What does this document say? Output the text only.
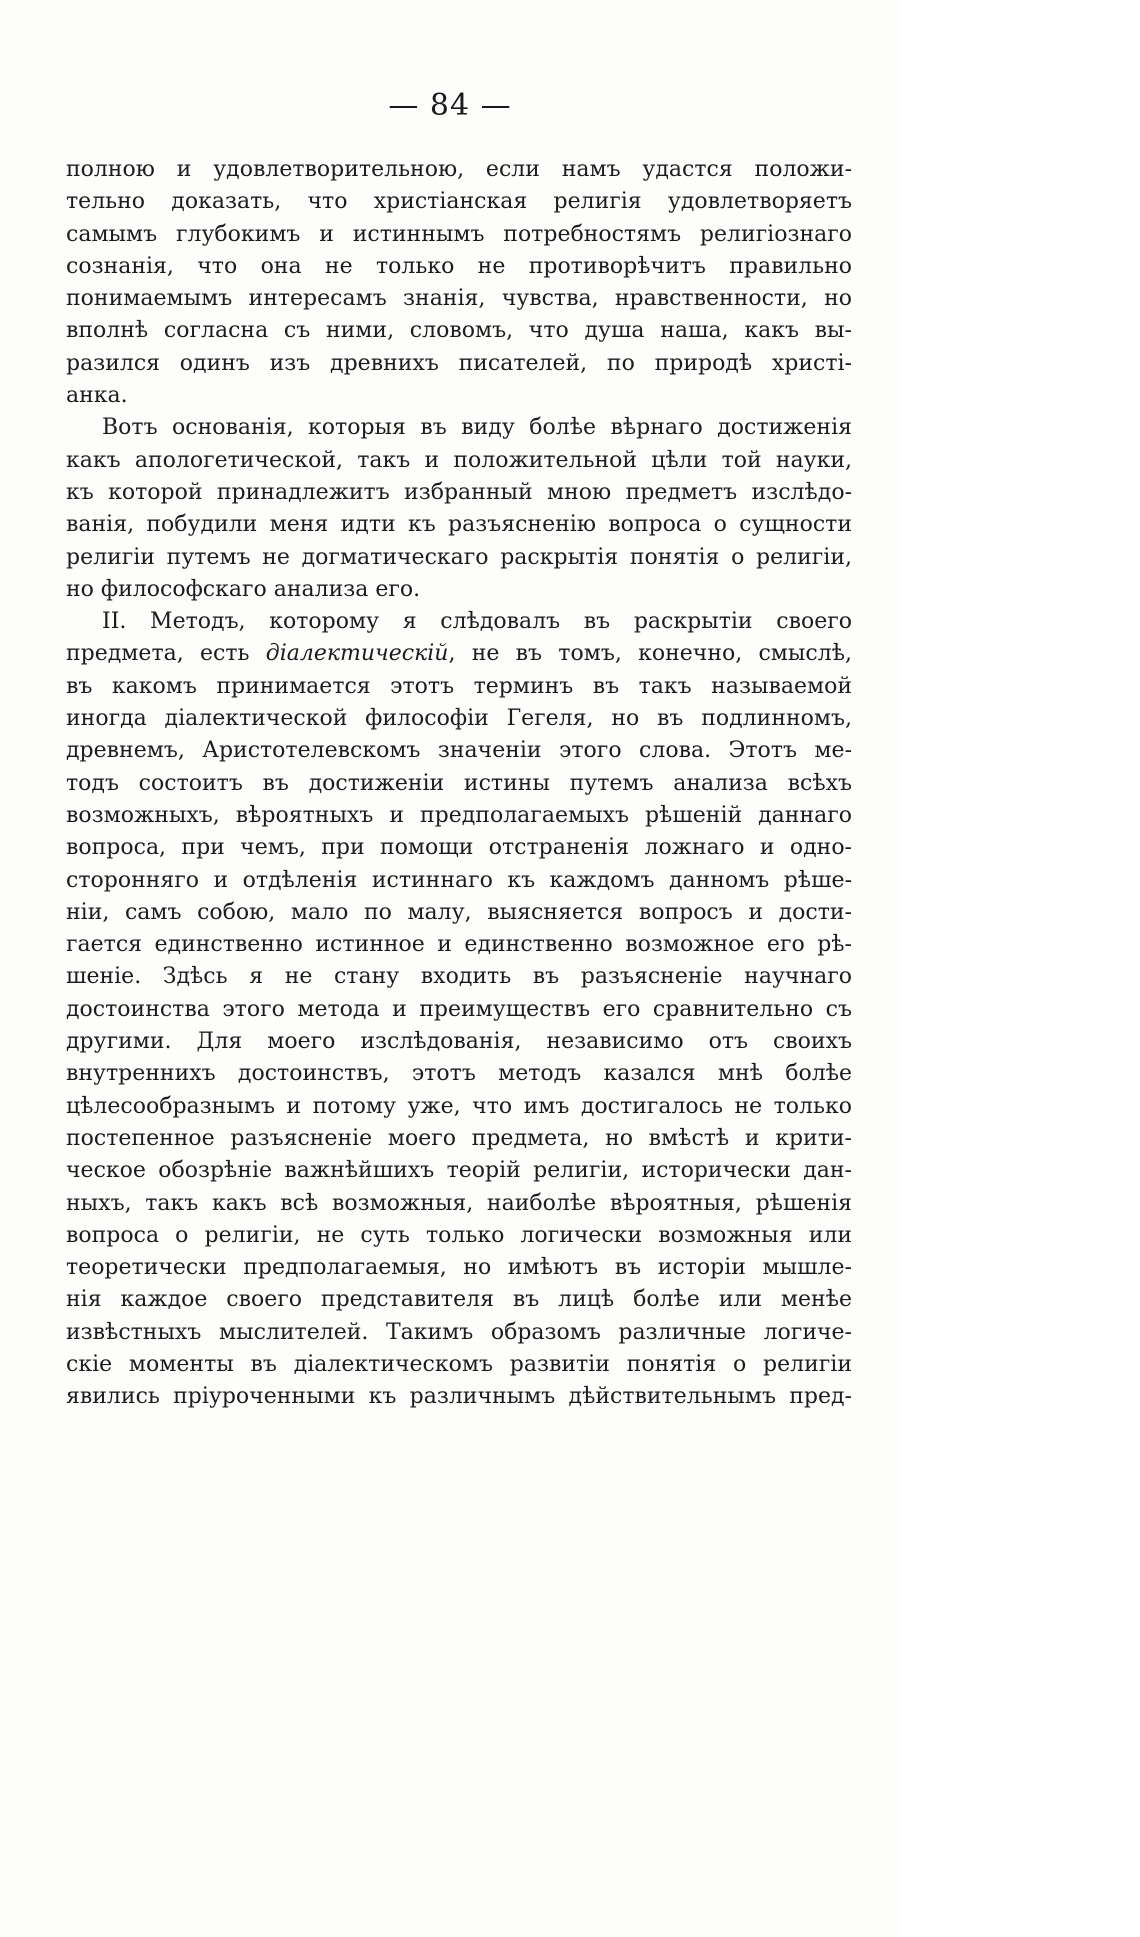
— 84 —
полною и удовлетворительною, если намъ удастся положи-
тельно доказать, что христіанская религія удовлетворяетъ
самымъ глубокимъ и истиннымъ потребностямъ религіознаго
сознанія, что она не только не противорѣчитъ правильно
понимаемымъ интересамъ знанія, чувства, нравственности, но
вполнѣ согласна съ ними, словомъ, что душа наша, какъ вы-
разился одинъ изъ древнихъ писателей, по природѣ христі-
анка.
Вотъ основанія, которыя въ виду болѣе вѣрнаго достиженія
какъ апологетической, такъ и положительной цѣли той науки,
къ которой принадлежитъ избранный мною предметъ изслѣдо-
ванія, побудили меня идти къ разъясненію вопроса о сущности
религіи путемъ не догматическаго раскрытія понятія о религіи,
но философскаго анализа его.
II. Методъ, которому я слѣдовалъ въ раскрытіи своего
предмета, есть діалектическій, не въ томъ, конечно, смыслѣ,
въ какомъ принимается этотъ терминъ въ такъ называемой
иногда діалектической философіи Гегеля, но въ подлинномъ,
древнемъ, Аристотелевскомъ значеніи этого слова. Этотъ ме-
тодъ состоитъ въ достиженіи истины путемъ анализа всѣхъ
возможныхъ, вѣроятныхъ и предполагаемыхъ рѣшеній даннаго
вопроса, при чемъ, при помощи отстраненія ложнаго и одно-
сторонняго и отдѣленія истиннаго къ каждомъ данномъ рѣше-
ніи, самъ собою, мало по малу, выясняется вопросъ и дости-
гается единственно истинное и единственно возможное его рѣ-
шеніе. Здѣсь я не стану входить въ разъясненіе научнаго
достоинства этого метода и преимуществъ его сравнительно съ
другими. Для моего изслѣдованія, независимо отъ своихъ
внутреннихъ достоинствъ, этотъ методъ казался мнѣ болѣе
цѣлесообразнымъ и потому уже, что имъ достигалось не только
постепенное разъясненіе моего предмета, но вмѣстѣ и крити-
ческое обозрѣніе важнѣйшихъ теорій религіи, исторически дан-
ныхъ, такъ какъ всѣ возможныя, наиболѣе вѣроятныя, рѣшенія
вопроса о религіи, не суть только логически возможныя или
теоретически предполагаемыя, но имѣютъ въ исторіи мышле-
нія каждое своего представителя въ лицѣ болѣе или менѣе
извѣстныхъ мыслителей. Такимъ образомъ различные логиче-
скіе моменты въ діалектическомъ развитіи понятія о религіи
явились пріуроченными къ различнымъ дѣйствительнымъ пред-
